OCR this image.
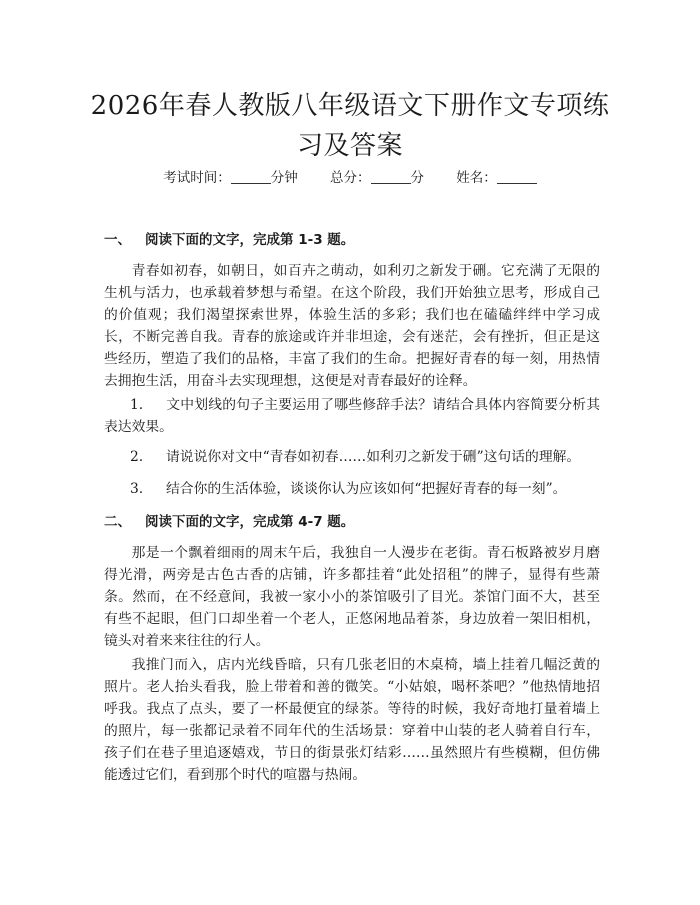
2026年春人教版八年级语文下册作文专项练习及答案
考试时间：	分钟 总分：	分 姓名：
一、 阅读下面的文字，完成第 1-3 题。

青春如初春，如朝日，如百卉之萌动，如利刃之新发于硎。它充满了无限的生机与活力，也承载着梦想与希望。在这个阶段，我们开始独立思考，形成自己的价值观；我们渴望探索世界，体验生活的多彩；我们也在磕磕绊绊中学习成长，不断完善自我。青春的旅途或许并非坦途，会有迷茫，会有挫折，但正是这些经历，塑造了我们的品格，丰富了我们的生命。把握好青春的每一刻，用热情去拥抱生活，用奋斗去实现理想，这便是对青春最好的诠释。

1. 文中划线的句子主要运用了哪些修辞手法？请结合具体内容简要分析其表达效果。

2. 请说说你对文中“青春如初春……如利刃之新发于硎”这句话的理解。

3. 结合你的生活体验，谈谈你认为应该如何“把握好青春的每一刻”。

二、 阅读下面的文字，完成第 4-7 题。

那是一个飘着细雨的周末午后，我独自一人漫步在老街。青石板路被岁月磨得光滑，两旁是古色古香的店铺，许多都挂着“此处招租”的牌子，显得有些萧条。然而，在不经意间，我被一家小小的茶馆吸引了目光。茶馆门面不大，甚至有些不起眼，但门口却坐着一个老人，正悠闲地品着茶，身边放着一架旧相机，镜头对着来来往往的行人。

我推门而入，店内光线昏暗，只有几张老旧的木桌椅，墙上挂着几幅泛黄的照片。老人抬头看我，脸上带着和善的微笑。“小姑娘，喝杯茶吧？”他热情地招呼我。我点了点头，要了一杯最便宜的绿茶。等待的时候，我好奇地打量着墙上的照片，每一张都记录着不同年代的生活场景：穿着中山装的老人骑着自行车，孩子们在巷子里追逐嬉戏，节日的街景张灯结彩……虽然照片有些模糊，但仿佛能透过它们，看到那个时代的喧嚣与热闹。
